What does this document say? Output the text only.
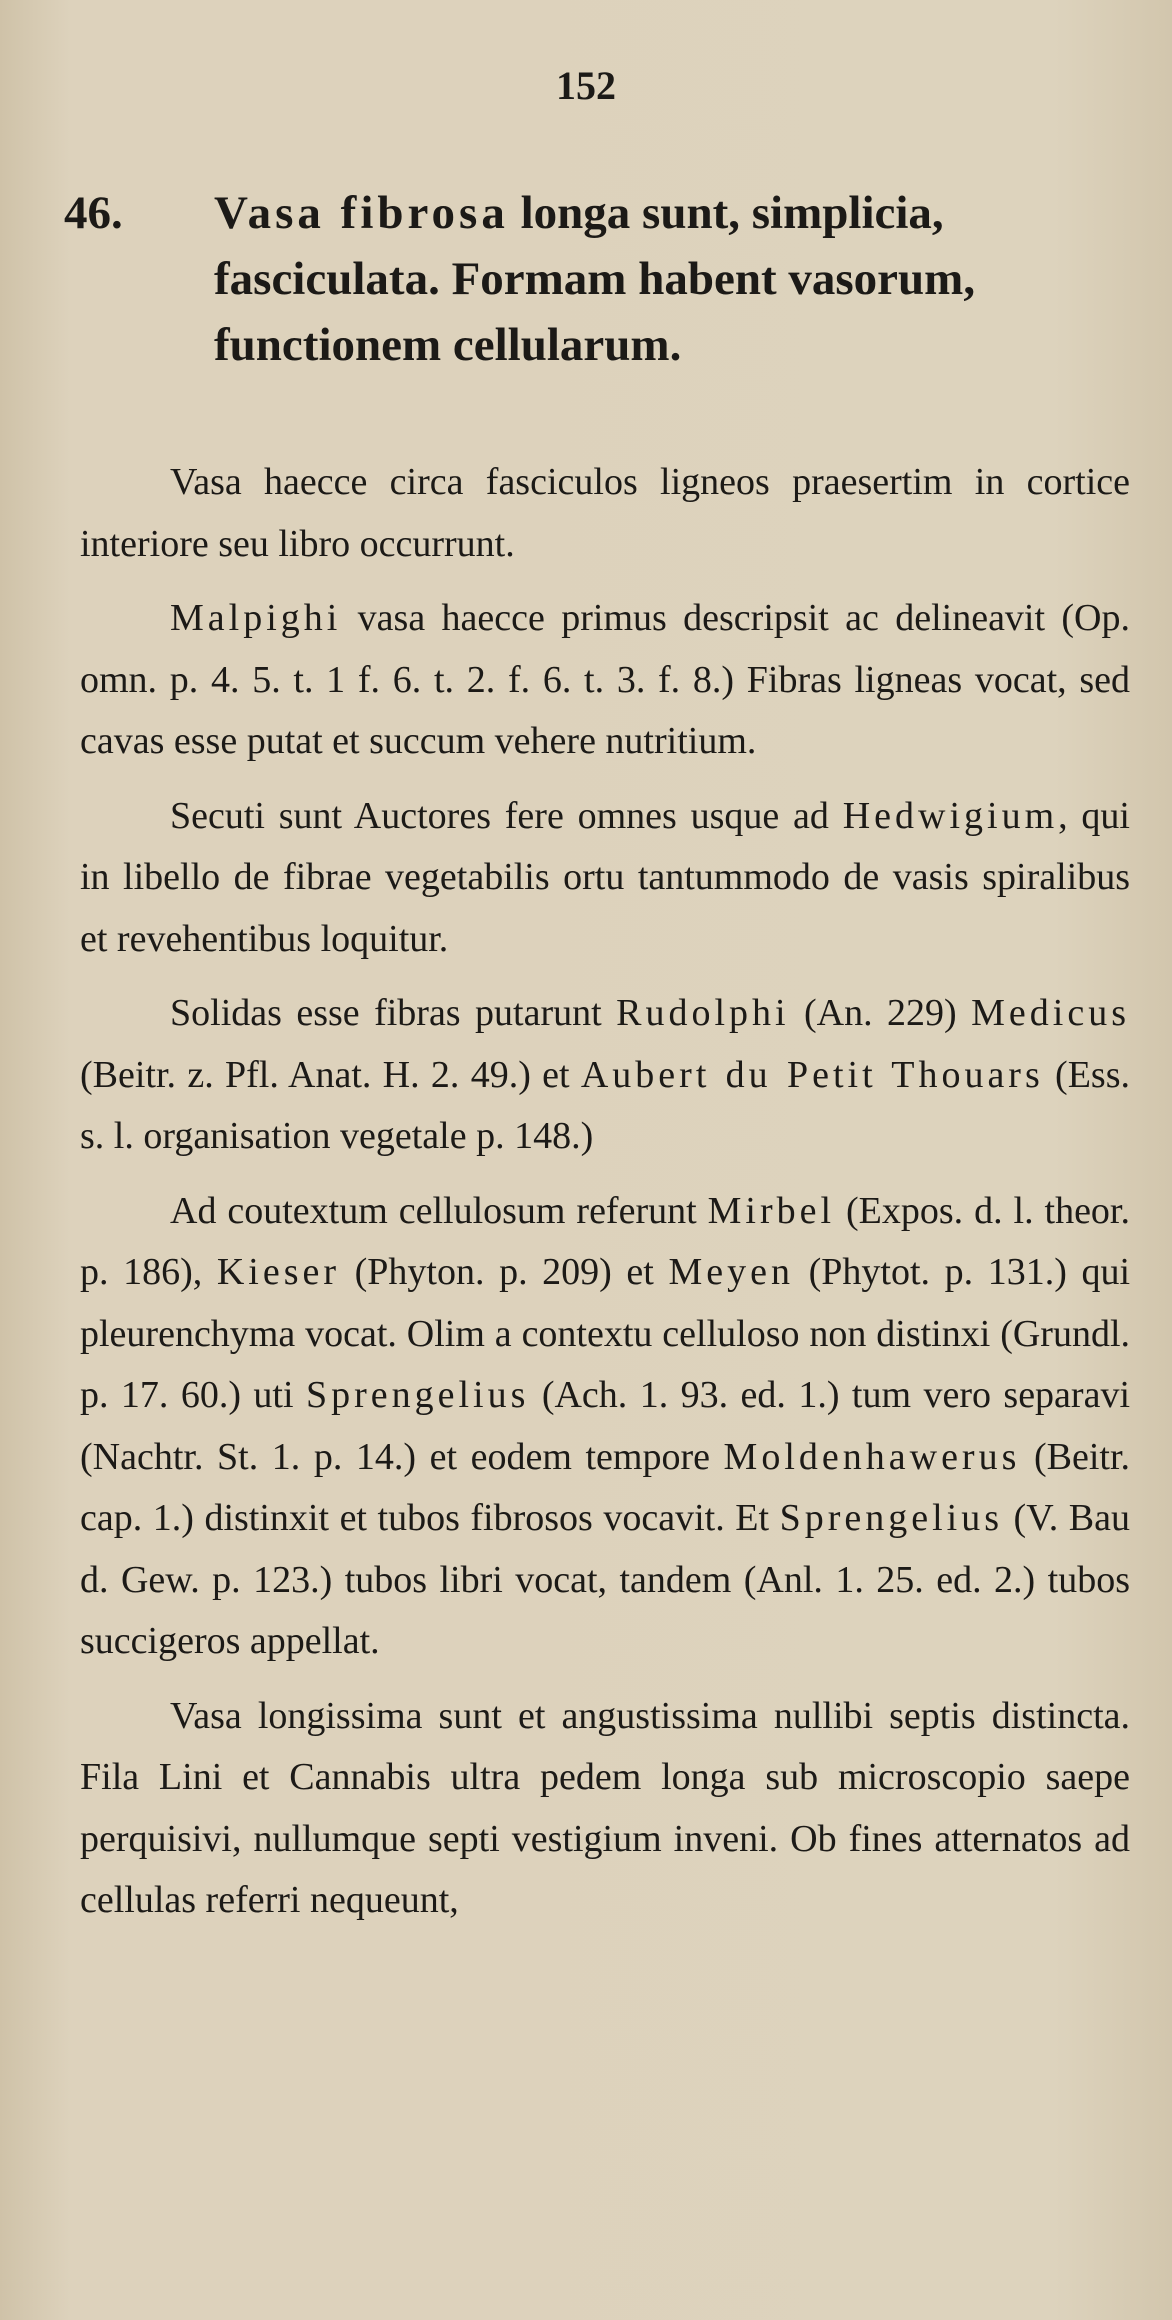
152
46. Vasa fibrosa longa sunt, simplicia, fasciculata. Formam habent vasorum, functionem cellularum.

Vasa haecce circa fasciculos ligneos praesertim in cortice interiore seu libro occurrunt.

Malpighi vasa haecce primus descripsit ac delineavit (Op. omn. p. 4. 5. t. 1 f. 6. t. 2. f. 6. t. 3. f. 8.) Fibras ligneas vocat, sed cavas esse putat et succum vehere nutritium.

Secuti sunt Auctores fere omnes usque ad Hedwigium, qui in libello de fibrae vegetabilis ortu tantummodo de vasis spiralibus et revehentibus loquitur.

Solidas esse fibras putarunt Rudolphi (An. 229) Medicus (Beitr. z. Pfl. Anat. H. 2. 49.) et Aubert du Petit Thouars (Ess. s. l. organisation vegetale p. 148.)

Ad coutextum cellulosum referunt Mirbel (Expos. d. l. theor. p. 186), Kieser (Phyton. p. 209) et Meyen (Phytot. p. 131.) qui pleurenchyma vocat. Olim a contextu celluloso non distinxi (Grundl. p. 17. 60.) uti Sprengelius (Ach. 1. 93. ed. 1.) tum vero separavi (Nachtr. St. 1. p. 14.) et eodem tempore Moldenhawerus (Beitr. cap. 1.) distinxit et tubos fibrosos vocavit. Et Sprengelius (V. Bau d. Gew. p. 123.) tubos libri vocat, tandem (Anl. 1. 25. ed. 2.) tubos succigeros appellat.

Vasa longissima sunt et angustissima nullibi septis distincta. Fila Lini et Cannabis ultra pedem longa sub microscopio saepe perquisivi, nullumque septi vestigium inveni. Ob fines atternatos ad cellulas referri nequeunt,
